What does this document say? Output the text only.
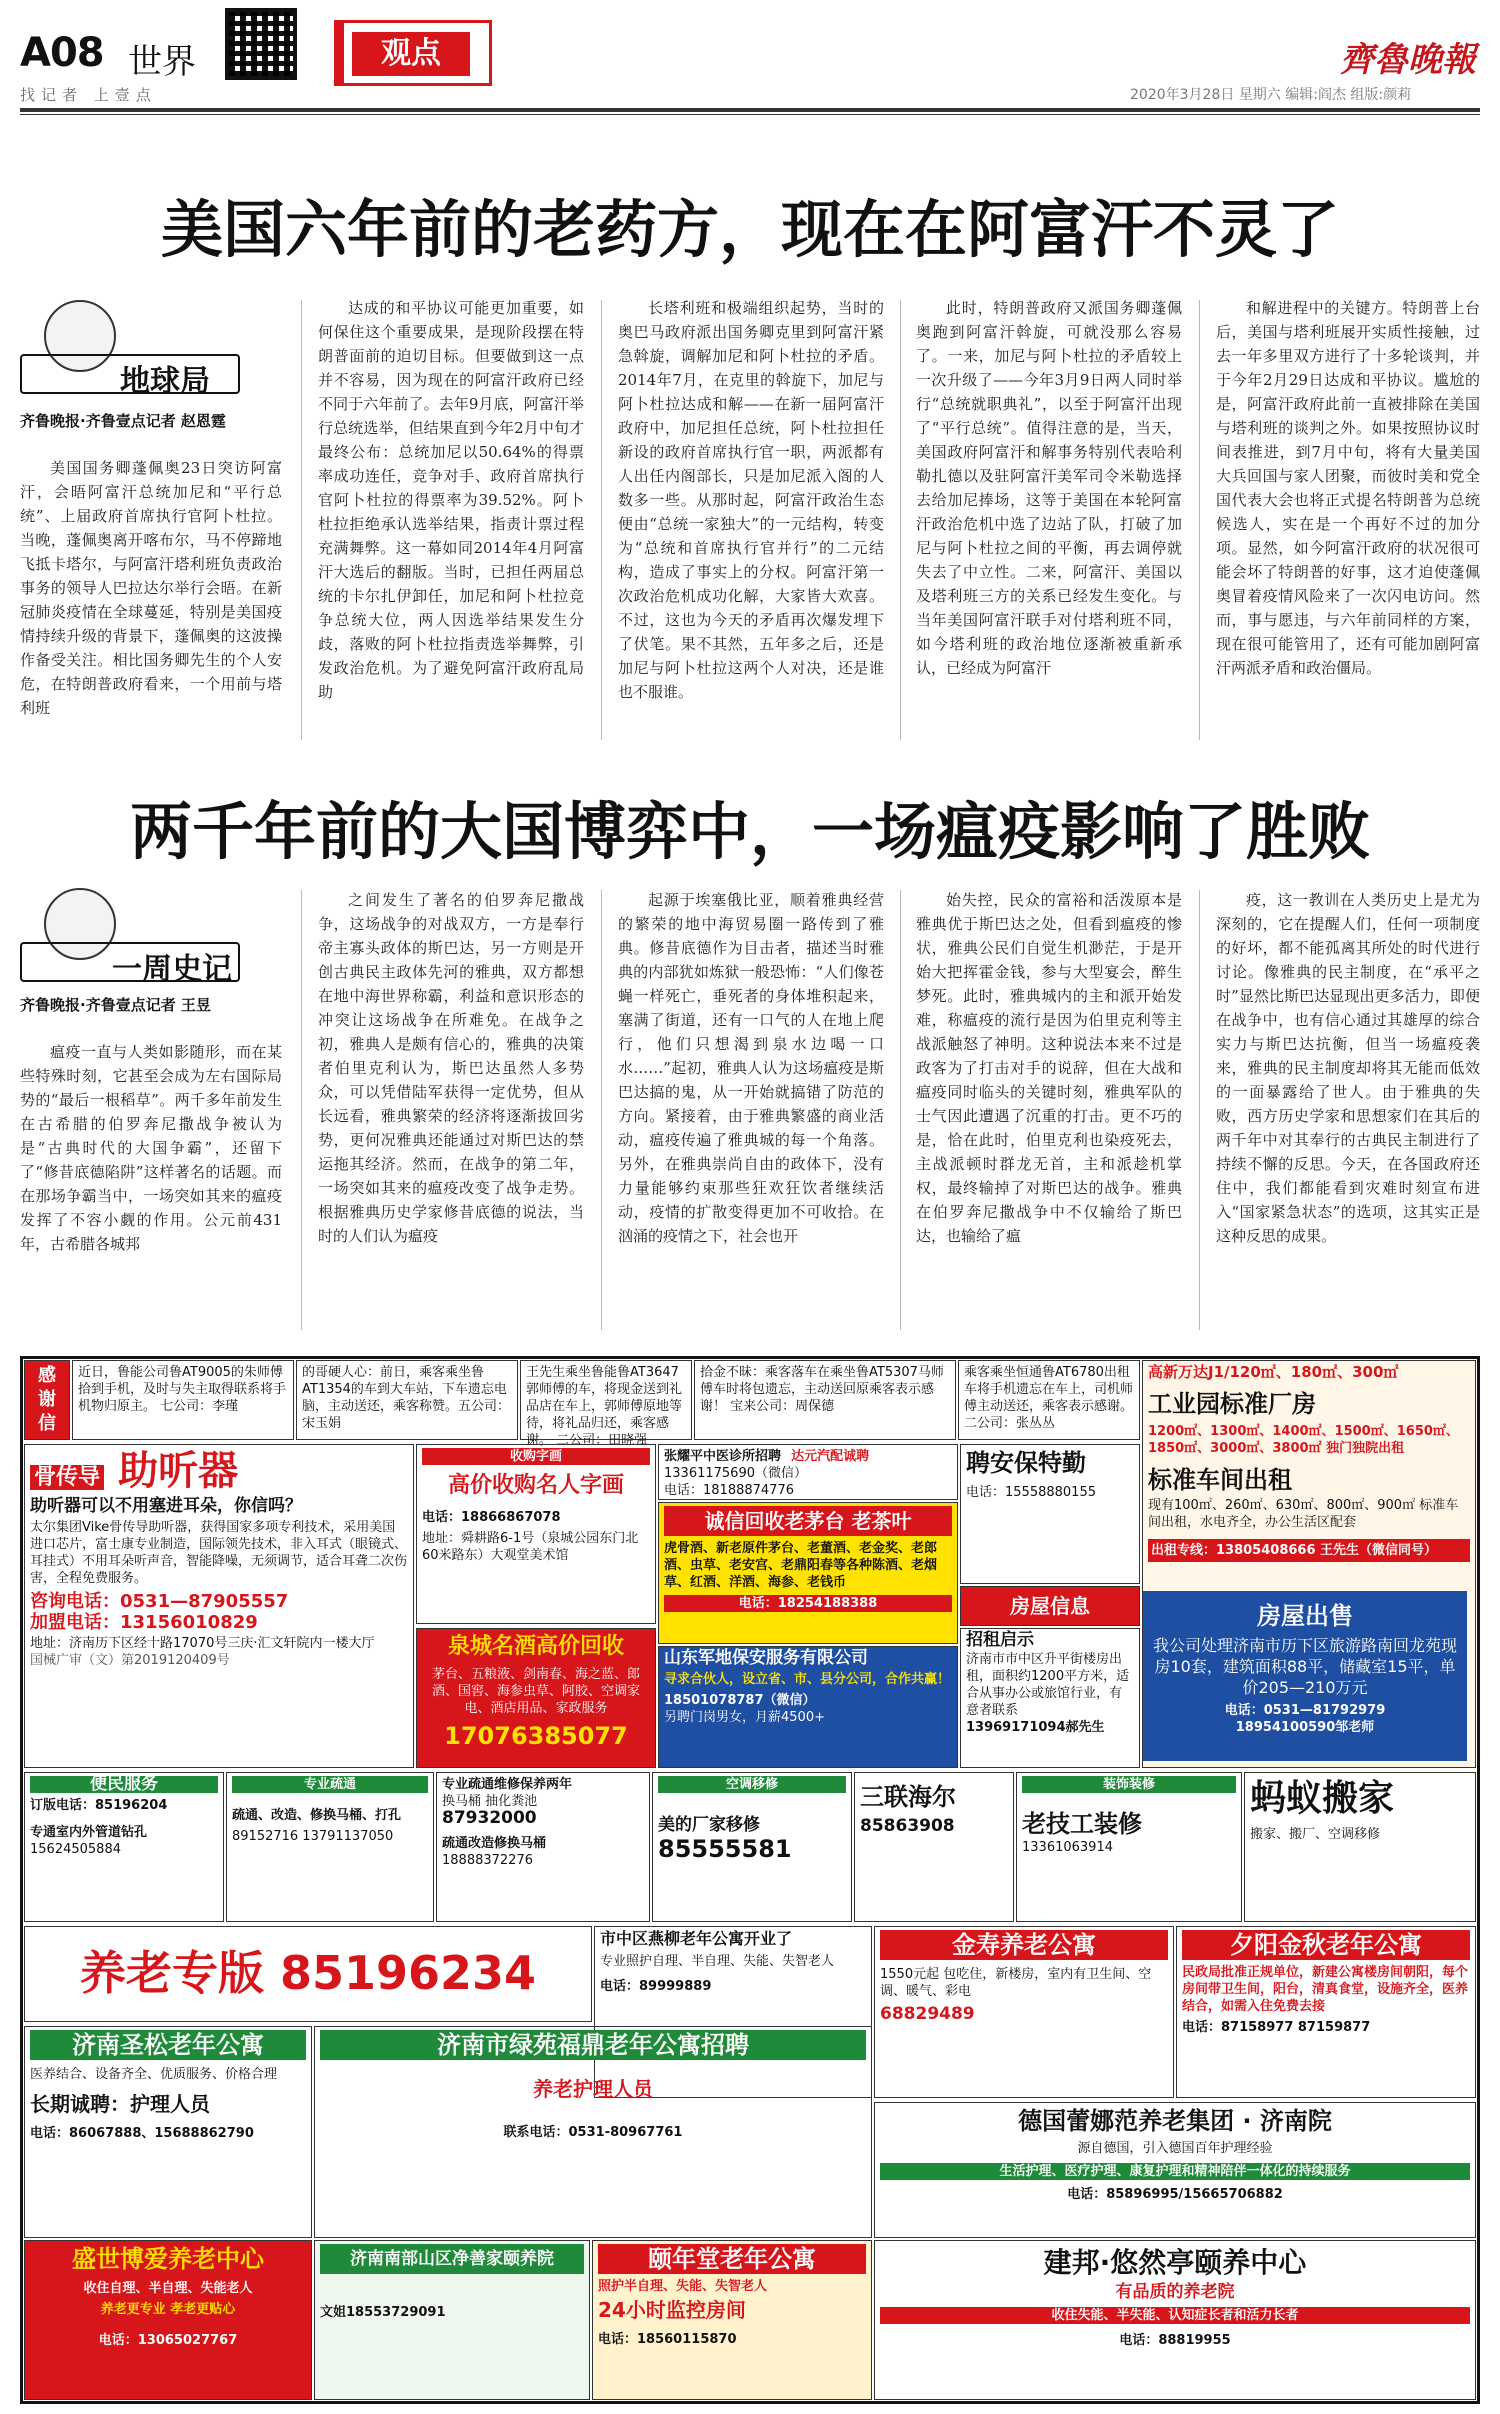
A08 世界	观点
找记者 上壹点	2020年3月28日 星期六 编辑:阎杰 组版:颜莉
齊魯晚報
美国六年前的老药方，现在在阿富汗不灵了
地球局
齐鲁晚报·齐鲁壹点记者 赵恩霆

美国国务卿蓬佩奥23日突访阿富汗，会晤阿富汗总统加尼和“平行总统”、上届政府首席执行官阿卜杜拉。当晚，蓬佩奥离开喀布尔，马不停蹄地飞抵卡塔尔，与阿富汗塔利班负责政治事务的领导人巴拉达尔举行会晤。在新冠肺炎疫情在全球蔓延，特别是美国疫情持续升级的背景下，蓬佩奥的这波操作备受关注。相比国务卿先生的个人安危，在特朗普政府看来，一个用前与塔利班

达成的和平协议可能更加重要，如何保住这个重要成果，是现阶段摆在特朗普面前的迫切目标。但要做到这一点并不容易，因为现在的阿富汗政府已经不同于六年前了。去年9月底，阿富汗举行总统选举，但结果直到今年2月中旬才最终公布：总统加尼以50.64%的得票率成功连任，竞争对手、政府首席执行官阿卜杜拉的得票率为39.52%。阿卜杜拉拒绝承认选举结果，指责计票过程充满舞弊。这一幕如同2014年4月阿富汗大选后的翻版。当时，已担任两届总统的卡尔扎伊卸任，加尼和阿卜杜拉竞争总统大位，两人因选举结果发生分歧，落败的阿卜杜拉指责选举舞弊，引发政治危机。为了避免阿富汗政府乱局助

长塔利班和极端组织起势，当时的奥巴马政府派出国务卿克里到阿富汗紧急斡旋，调解加尼和阿卜杜拉的矛盾。2014年7月，在克里的斡旋下，加尼与阿卜杜拉达成和解——在新一届阿富汗政府中，加尼担任总统，阿卜杜拉担任新设的政府首席执行官一职，两派都有人出任内阁部长，只是加尼派入阁的人数多一些。从那时起，阿富汗政治生态便由“总统一家独大”的一元结构，转变为“总统和首席执行官并行”的二元结构，造成了事实上的分权。阿富汗第一次政治危机成功化解，大家皆大欢喜。不过，这也为今天的矛盾再次爆发埋下了伏笔。果不其然，五年多之后，还是加尼与阿卜杜拉这两个人对决，还是谁也不服谁。

此时，特朗普政府又派国务卿蓬佩奥跑到阿富汗斡旋，可就没那么容易了。一来，加尼与阿卜杜拉的矛盾较上一次升级了——今年3月9日两人同时举行“总统就职典礼”，以至于阿富汗出现了“平行总统”。值得注意的是，当天，美国政府阿富汗和解事务特别代表哈利勒扎德以及驻阿富汗美军司令米勒选择去给加尼捧场，这等于美国在本轮阿富汗政治危机中选了边站了队，打破了加尼与阿卜杜拉之间的平衡，再去调停就失去了中立性。二来，阿富汗、美国以及塔利班三方的关系已经发生变化。与当年美国阿富汗联手对付塔利班不同，如今塔利班的政治地位逐渐被重新承认，已经成为阿富汗

和解进程中的关键方。特朗普上台后，美国与塔利班展开实质性接触，过去一年多里双方进行了十多轮谈判，并于今年2月29日达成和平协议。尴尬的是，阿富汗政府此前一直被排除在美国与塔利班的谈判之外。如果按照协议时间表推进，到7月中旬，将有大量美国大兵回国与家人团聚，而彼时美和党全国代表大会也将正式提名特朗普为总统候选人，实在是一个再好不过的加分项。显然，如今阿富汗政府的状况很可能会坏了特朗普的好事，这才迫使蓬佩奥冒着疫情风险来了一次闪电访问。然而，事与愿违，与六年前同样的方案，现在很可能管用了，还有可能加剧阿富汗两派矛盾和政治僵局。

两千年前的大国博弈中，一场瘟疫影响了胜败
一周史记
齐鲁晚报·齐鲁壹点记者 王昱

瘟疫一直与人类如影随形，而在某些特殊时刻，它甚至会成为左右国际局势的“最后一根稻草”。两千多年前发生在古希腊的伯罗奔尼撒战争被认为是“古典时代的大国争霸”，还留下了“修昔底德陷阱”这样著名的话题。而在那场争霸当中，一场突如其来的瘟疫发挥了不容小觑的作用。公元前431年，古希腊各城邦

之间发生了著名的伯罗奔尼撒战争，这场战争的对战双方，一方是奉行帝主寡头政体的斯巴达，另一方则是开创古典民主政体先河的雅典，双方都想在地中海世界称霸，利益和意识形态的冲突让这场战争在所难免。在战争之初，雅典人是颇有信心的，雅典的决策者伯里克利认为，斯巴达虽然人多势众，可以凭借陆军获得一定优势，但从长远看，雅典繁荣的经济将逐渐拔回劣势，更何况雅典还能通过对斯巴达的禁运拖其经济。然而，在战争的第二年，一场突如其来的瘟疫改变了战争走势。根据雅典历史学家修昔底德的说法，当时的人们认为瘟疫

起源于埃塞俄比亚，顺着雅典经营的繁荣的地中海贸易圈一路传到了雅典。修昔底德作为目击者，描述当时雅典的内部犹如炼狱一般恐怖：“人们像苍蝇一样死亡，垂死者的身体堆积起来，塞满了街道，还有一口气的人在地上爬行，他们只想渴到泉水边喝一口水……”起初，雅典人认为这场瘟疫是斯巴达搞的鬼，从一开始就搞错了防范的方向。紧接着，由于雅典繁盛的商业活动，瘟疫传遍了雅典城的每一个角落。另外，在雅典崇尚自由的政体下，没有力量能够约束那些狂欢狂饮者继续活动，疫情的扩散变得更加不可收拾。在汹涌的疫情之下，社会也开

始失控，民众的富裕和活泼原本是雅典优于斯巴达之处，但看到瘟疫的惨状，雅典公民们自觉生机渺茫，于是开始大把挥霍金钱，参与大型宴会，醉生梦死。此时，雅典城内的主和派开始发难，称瘟疫的流行是因为伯里克利等主战派触怒了神明。这种说法本来不过是政客为了打击对手的说辞，但在大战和瘟疫同时临头的关键时刻，雅典军队的士气因此遭遇了沉重的打击。更不巧的是，恰在此时，伯里克利也染疫死去，主战派顿时群龙无首，主和派趁机掌权，最终输掉了对斯巴达的战争。雅典在伯罗奔尼撒战争中不仅输给了斯巴达，也输给了瘟

疫，这一教训在人类历史上是尤为深刻的，它在提醒人们，任何一项制度的好坏，都不能孤离其所处的时代进行讨论。像雅典的民主制度，在“承平之时”显然比斯巴达显现出更多活力，即便在战争中，也有信心通过其雄厚的综合实力与斯巴达抗衡，但当一场瘟疫袭来，雅典的民主制度却将其无能而低效的一面暴露给了世人。由于雅典的失败，西方历史学家和思想家们在其后的两千年中对其奉行的古典民主制进行了持续不懈的反思。今天，在各国政府还住中，我们都能看到灾难时刻宣布进入“国家紧急状态”的选项，这其实正是这种反思的成果。

感谢信
近日，鲁能公司鲁AT9005的朱师傅拾到手机，及时与失主取得联系将手机物归原主。 七公司：李瑾
的哥硬人心：前日，乘客乘坐鲁AT1354的车到大车站，下车遗忘电脑，主动送还，乘客称赞。五公司：宋玉娟
王先生乘坐鲁能鲁AT3647郭师傅的车，将现金送到礼品店在车上，郭师傅原地等待，将礼品归还，乘客感谢。 二公司：田晓强
拾金不昧：乘客落车在乘坐鲁AT5307马师傅车时将包遗忘，主动送回原乘客表示感谢！ 宝来公司：周保德
乘客乘坐恒通鲁AT6780出租车将手机遗忘在车上，司机师傅主动送还，乘客表示感谢。 二公司：张丛丛
高新万达J1/120㎡、180㎡、300㎡
工业园标准厂房
1200㎡、1300㎡、1400㎡、1500㎡、1650㎡、1850㎡、3000㎡、3800㎡ 独门独院出租
标准车间出租
现有100㎡、260㎡、630㎡、800㎡、900㎡ 标准车间出租，水电齐全，办公生活区配套
出租专线：13805408666 王先生（微信同号）
房屋出售
我公司处理济南市历下区旅游路南回龙苑现房10套，建筑面积88平，储藏室15平，单价205—210万元
电话：0531—81792979
18954100590邹老师
骨传导 助听器
助听器可以不用塞进耳朵，你信吗？
太尔集团Vike骨传导助听器，获得国家多项专利技术，采用美国进口芯片，富士康专业制造，国际领先技术，非入耳式（眼镜式、耳挂式）不用耳朵听声音，智能降噪，无须调节，适合耳聋二次伤害，全程免费服务。
咨询电话：0531—87905557
加盟电话：13156010829
地址：济南历下区经十路17070号三庆·汇文轩院内一楼大厅
国械广审（文）第2019120409号
收购字画
高价收购名人字画
电话：18866867078
地址：舜耕路6-1号（泉城公园东门北60米路东）大观堂美术馆
泉城名酒高价回收
茅台、五粮液、剑南春、海之蓝、郎酒、国窖、海参虫草、阿胶、空调家电、酒店用品、家政服务
17076385077
张耀平中医诊所招聘 达元汽配诚聘
13361175690（微信）
电话：18188874776
诚信回收老茅台 老茶叶
虎骨酒、新老原件茅台、老董酒、老金奖、老郎酒、虫草、老安宫、老鼎阳春等各种陈酒、老烟草、红酒、洋酒、海参、老钱币
电话：18254188388
山东军地保安服务有限公司
寻求合伙人，设立省、市、县分公司，合作共赢！
18501078787（微信）
另聘门岗男女，月薪4500+
聘安保特勤
电话：15558880155
房屋信息
招租启示
济南市市中区升平街楼房出租，面积约1200平方米，适合从事办公或旅馆行业，有意者联系
13969171094郝先生
便民服务
订版电话：85196204
专通室内外管道钻孔
15624505884
专业疏通
疏通、改造、修换马桶、打孔
89152716 13791137050
专业疏通维修保养两年
换马桶 抽化粪池
87932000
疏通改造修换马桶
18888372276
空调移修
美的厂家移修
85555581
三联海尔
85863908
装饰装修
老技工装修
13361063914
蚂蚁搬家
搬家、搬厂、空调移修
养老专版 85196234
市中区燕柳老年公寓开业了
专业照护自理、半自理、失能、失智老人
电话：89999889
金寿养老公寓
1550元起 包吃住，新楼房，室内有卫生间、空调、暖气、彩电
68829489
夕阳金秋老年公寓
民政局批准正规单位，新建公寓楼房间朝阳，每个房间带卫生间，阳台，清真食堂，设施齐全，医养结合，如需入住免费去接
电话：87158977 87159877
济南圣松老年公寓
医养结合、设备齐全、优质服务、价格合理
长期诚聘：护理人员
电话：86067888、15688862790
济南市绿苑福鼎老年公寓招聘
养老护理人员
联系电话：0531-80967761	德国蕾娜范养老集团 · 济南院
源自德国，引入德国百年护理经验
生活护理、医疗护理、康复护理和精神陪伴一体化的持续服务
电话：85896995/15665706882
盛世博爱养老中心
收住自理、半自理、失能老人
养老更专业 孝老更贴心
电话：13065027767
济南南部山区净善家颐养院
文姐18553729091
颐年堂老年公寓
照护半自理、失能、失智老人
24小时监控房间
电话：18560115870
建邦·悠然亭颐养中心
有品质的养老院
收住失能、半失能、认知症长者和活力长者
电话：88819955
